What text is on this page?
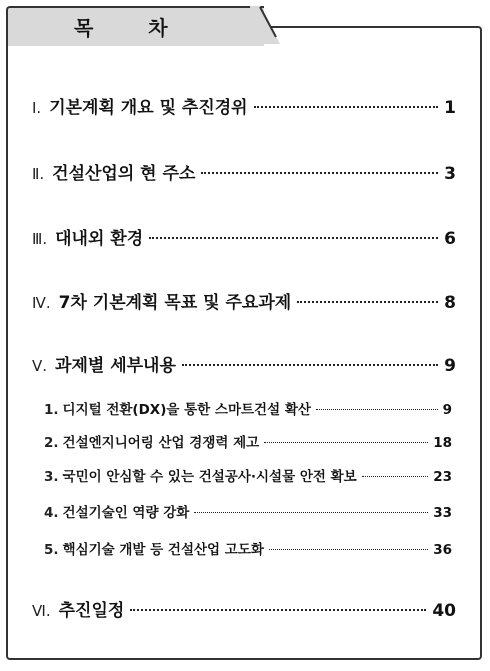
목 차
Ⅰ. 기본계획 개요 및 추진경위	1
Ⅱ. 건설산업의 현 주소	3
Ⅲ. 대내외 환경	6
Ⅳ. 7차 기본계획 목표 및 주요과제	8
Ⅴ. 과제별 세부내용	9
1. 디지털 전환(DX)을 통한 스마트건설 확산	9
2. 건설엔지니어링 산업 경쟁력 제고	18
3. 국민이 안심할 수 있는 건설공사·시설물 안전 확보	23
4. 건설기술인 역량 강화	33
5. 핵심기술 개발 등 건설산업 고도화	36
Ⅵ. 추진일정	40
